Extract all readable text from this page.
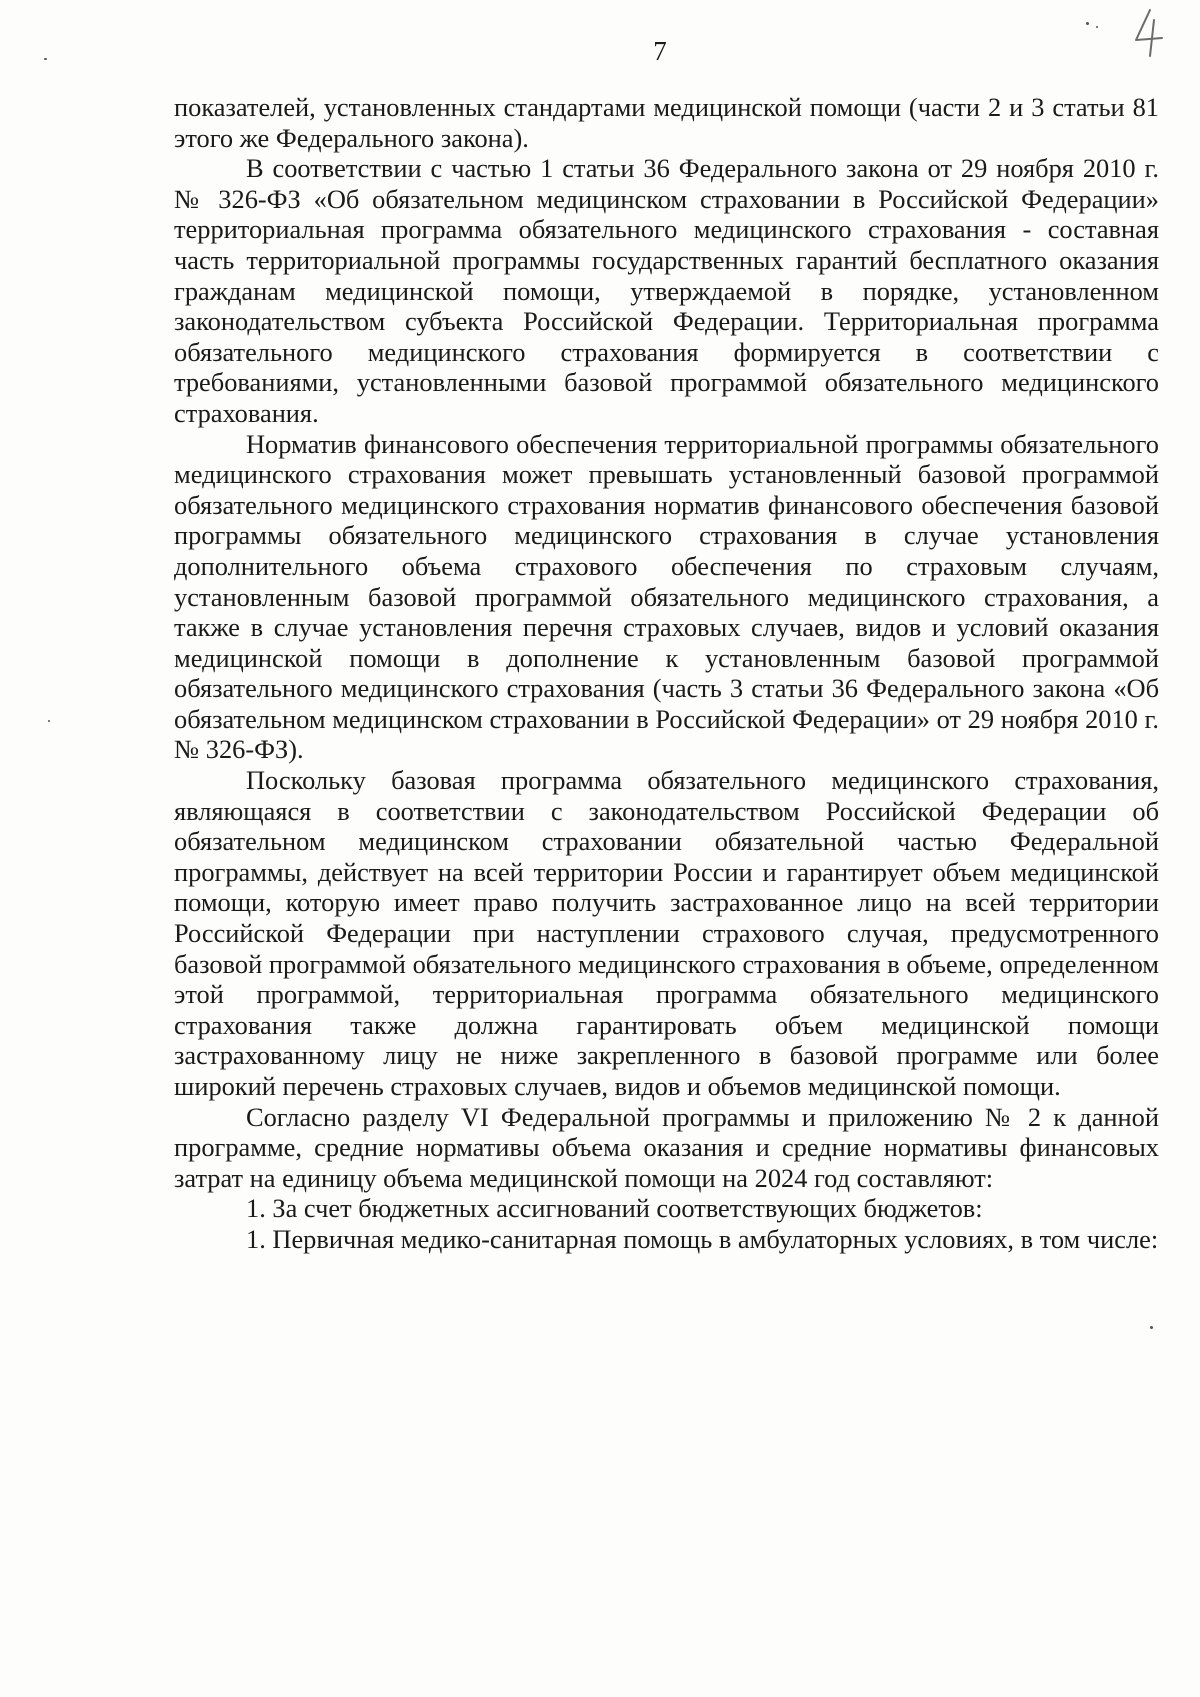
7

показателей, установленных стандартами медицинской помощи (части 2 и 3 статьи 81 этого же Федерального закона).

В соответствии с частью 1 статьи 36 Федерального закона от 29 ноября 2010 г. № 326-ФЗ «Об обязательном медицинском страховании в Российской Федерации» территориальная программа обязательного медицинского страхования - составная часть территориальной программы государственных гарантий бесплатного оказания гражданам медицинской помощи, утверждаемой в порядке, установленном законодательством субъекта Российской Федерации. Территориальная программа обязательного медицинского страхования формируется в соответствии с требованиями, установленными базовой программой обязательного медицинского страхования.

Норматив финансового обеспечения территориальной программы обязательного медицинского страхования может превышать установленный базовой программой обязательного медицинского страхования норматив финансового обеспечения базовой программы обязательного медицинского страхования в случае установления дополнительного объема страхового обеспечения по страховым случаям, установленным базовой программой обязательного медицинского страхования, а также в случае установления перечня страховых случаев, видов и условий оказания медицинской помощи в дополнение к установленным базовой программой обязательного медицинского страхования (часть 3 статьи 36 Федерального закона «Об обязательном медицинском страховании в Российской Федерации» от 29 ноября 2010 г. № 326-ФЗ).

Поскольку базовая программа обязательного медицинского страхования, являющаяся в соответствии с законодательством Российской Федерации об обязательном медицинском страховании обязательной частью Федеральной программы, действует на всей территории России и гарантирует объем медицинской помощи, которую имеет право получить застрахованное лицо на всей территории Российской Федерации при наступлении страхового случая, предусмотренного базовой программой обязательного медицинского страхования в объеме, определенном этой программой, территориальная программа обязательного медицинского страхования также должна гарантировать объем медицинской помощи застрахованному лицу не ниже закрепленного в базовой программе или более широкий перечень страховых случаев, видов и объемов медицинской помощи.

Согласно разделу VI Федеральной программы и приложению № 2 к данной программе, средние нормативы объема оказания и средние нормативы финансовых затрат на единицу объема медицинской помощи на 2024 год составляют:

1. За счет бюджетных ассигнований соответствующих бюджетов:

1. Первичная медико-санитарная помощь в амбулаторных условиях, в том числе:
